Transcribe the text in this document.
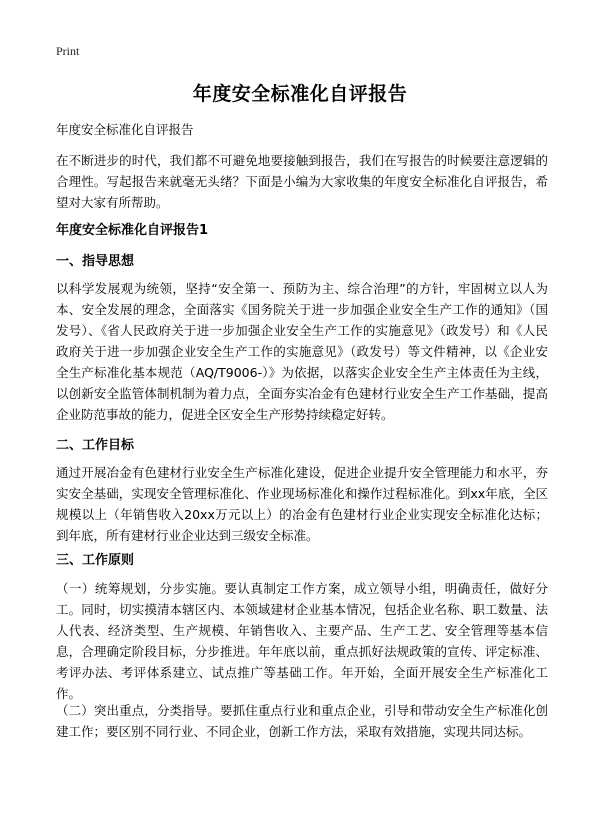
Print
年度安全标准化自评报告
年度安全标准化自评报告
在不断进步的时代，我们都不可避免地要接触到报告，我们在写报告的时候要注意逻辑的合理性。写起报告来就毫无头绪？下面是小编为大家收集的年度安全标准化自评报告，希望对大家有所帮助。
年度安全标准化自评报告1
一、指导思想
以科学发展观为统领，坚持“安全第一、预防为主、综合治理”的方针，牢固树立以人为本、安全发展的理念，全面落实《国务院关于进一步加强企业安全生产工作的通知》（国发号）、《省人民政府关于进一步加强企业安全生产工作的实施意见》（政发号）和《人民政府关于进一步加强企业安全生产工作的实施意见》（政发号）等文件精神，以《企业安全生产标准化基本规范（AQ/T9006-）》为依据，以落实企业安全生产主体责任为主线，以创新安全监管体制机制为着力点，全面夯实冶金有色建材行业安全生产工作基础，提高企业防范事故的能力，促进全区安全生产形势持续稳定好转。
二、工作目标
通过开展冶金有色建材行业安全生产标准化建设，促进企业提升安全管理能力和水平，夯实安全基础，实现安全管理标准化、作业现场标准化和操作过程标准化。到xx年底，全区规模以上（年销售收入20xx万元以上）的冶金有色建材行业企业实现安全标准化达标；到年底，所有建材行业企业达到三级安全标准。
三、工作原则
（一）统筹规划，分步实施。要认真制定工作方案，成立领导小组，明确责任，做好分工。同时，切实摸清本辖区内、本领域建材企业基本情况，包括企业名称、职工数量、法人代表、经济类型、生产规模、年销售收入、主要产品、生产工艺、安全管理等基本信息，合理确定阶段目标，分步推进。年年底以前，重点抓好法规政策的宣传、评定标准、考评办法、考评体系建立、试点推广等基础工作。年开始，全面开展安全生产标准化工作。
（二）突出重点，分类指导。要抓住重点行业和重点企业，引导和带动安全生产标准化创建工作；要区别不同行业、不同企业，创新工作方法，采取有效措施，实现共同达标。
